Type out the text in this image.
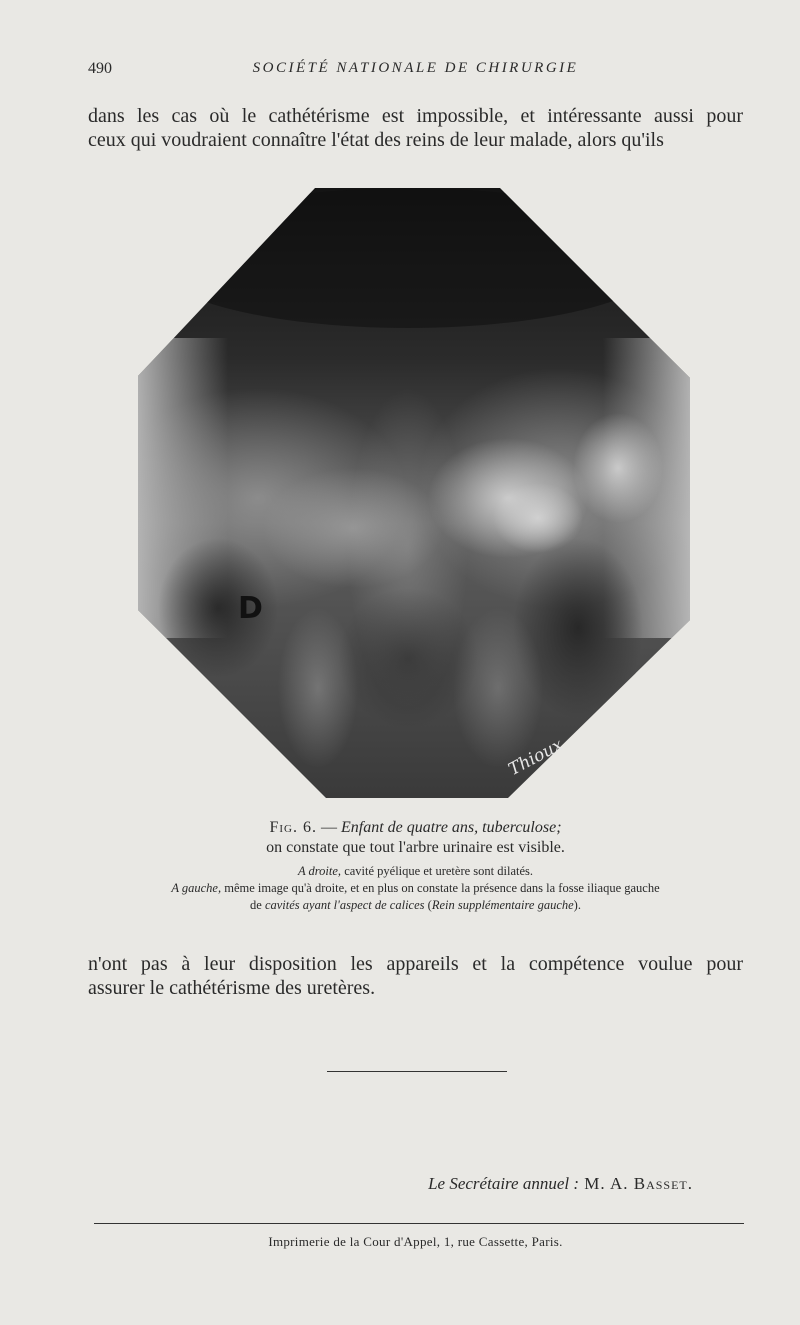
490	SOCIÉTÉ NATIONALE DE CHIRURGIE
dans les cas où le cathétérisme est impossible, et intéressante aussi pour
ceux qui voudraient connaître l'état des reins de leur malade, alors qu'ils
D
Thioux
Fig. 6. — Enfant de quatre ans, tuberculose;
on constate que tout l'arbre urinaire est visible.
A droite, cavité pyélique et uretère sont dilatés.
A gauche, même image qu'à droite, et en plus on constate la présence dans la fosse iliaque gauche
de cavités ayant l'aspect de calices (Rein supplémentaire gauche).
n'ont pas à leur disposition les appareils et la compétence voulue pour
assurer le cathétérisme des uretères.
Le Secrétaire annuel : M. A. Basset.
Imprimerie de la Cour d'Appel, 1, rue Cassette, Paris.
